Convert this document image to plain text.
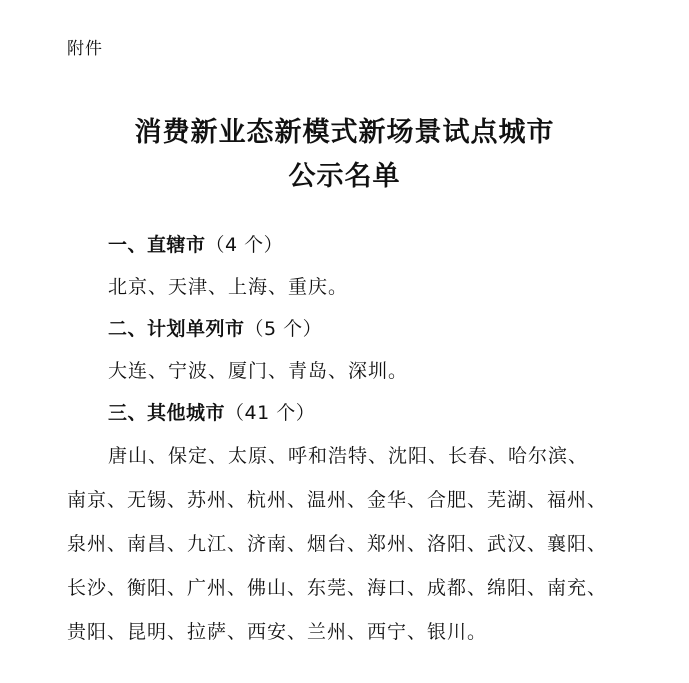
附件
消费新业态新模式新场景试点城市
公示名单
一、直辖市（4 个）
北京、天津、上海、重庆。
二、计划单列市（5 个）
大连、宁波、厦门、青岛、深圳。
三、其他城市（41 个）
唐山、保定、太原、呼和浩特、沈阳、长春、哈尔滨、
南京、无锡、苏州、杭州、温州、金华、合肥、芜湖、福州、
泉州、南昌、九江、济南、烟台、郑州、洛阳、武汉、襄阳、
长沙、衡阳、广州、佛山、东莞、海口、成都、绵阳、南充、
贵阳、昆明、拉萨、西安、兰州、西宁、银川。
